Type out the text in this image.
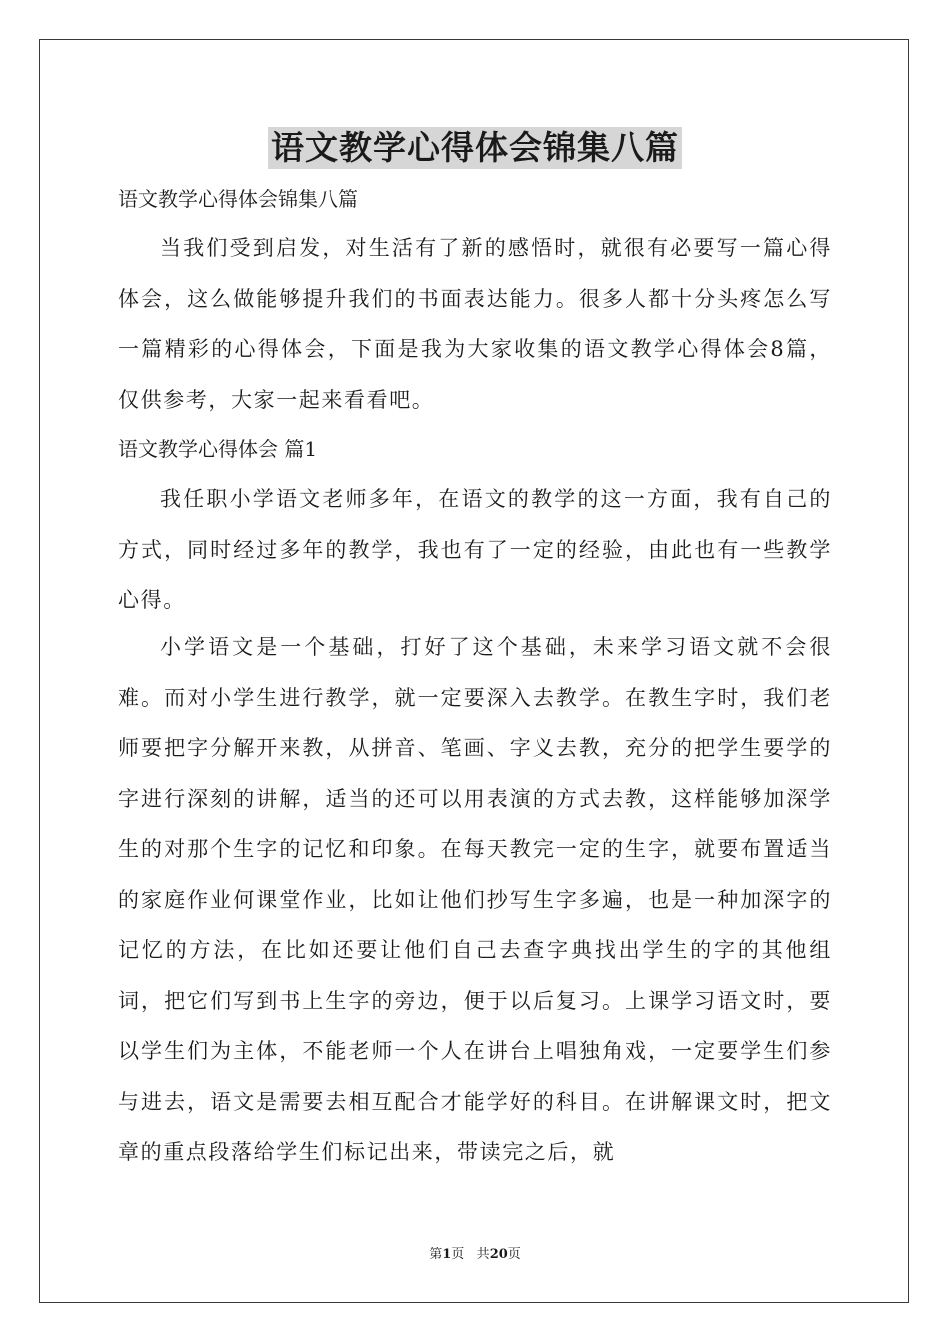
语文教学心得体会锦集八篇

语文教学心得体会锦集八篇

当我们受到启发，对生活有了新的感悟时，就很有必要写一篇心得体会，这么做能够提升我们的书面表达能力。很多人都十分头疼怎么写一篇精彩的心得体会，下面是我为大家收集的语文教学心得体会8篇，仅供参考，大家一起来看看吧。

语文教学心得体会 篇1

我任职小学语文老师多年，在语文的教学的这一方面，我有自己的方式，同时经过多年的教学，我也有了一定的经验，由此也有一些教学心得。

小学语文是一个基础，打好了这个基础，未来学习语文就不会很难。而对小学生进行教学，就一定要深入去教学。在教生字时，我们老师要把字分解开来教，从拼音、笔画、字义去教，充分的把学生要学的字进行深刻的讲解，适当的还可以用表演的方式去教，这样能够加深学生的对那个生字的记忆和印象。在每天教完一定的生字，就要布置适当的家庭作业何课堂作业，比如让他们抄写生字多遍，也是一种加深字的记忆的方法，在比如还要让他们自己去查字典找出学生的字的其他组词，把它们写到书上生字的旁边，便于以后复习。上课学习语文时，要以学生们为主体，不能老师一个人在讲台上唱独角戏，一定要学生们参与进去，语文是需要去相互配合才能学好的科目。在讲解课文时，把文章的重点段落给学生们标记出来，带读完之后，就

第1页 共20页
